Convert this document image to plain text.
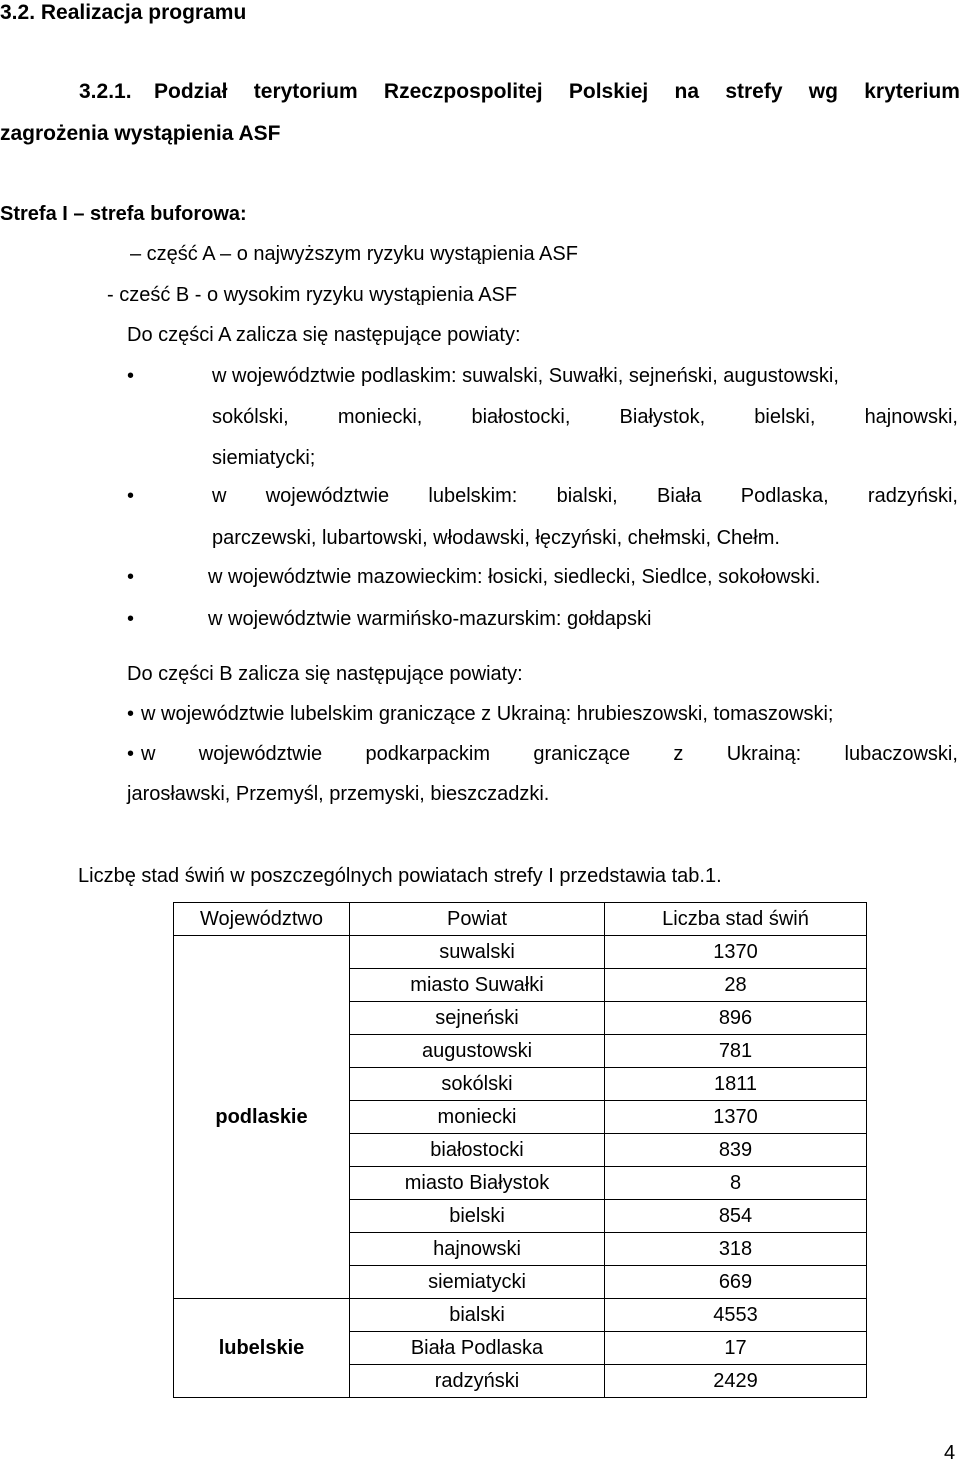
3.2. Realizacja programu
3.2.1. Podział terytorium Rzeczpospolitej Polskiej na strefy wg kryterium
zagrożenia wystąpienia ASF
Strefa I – strefa buforowa:
– część A – o najwyższym ryzyku wystąpienia ASF
- cześć B - o wysokim ryzyku wystąpienia ASF
Do części A zalicza się następujące powiaty:
•	w województwie podlaskim: suwalski, Suwałki, sejneński, augustowski,
sokólski, moniecki, białostocki, Białystok, bielski, hajnowski,
siemiatycki;
•	w województwie lubelskim: bialski, Biała Podlaska, radzyński,
parczewski, lubartowski, włodawski, łęczyński, chełmski, Chełm.
•	w województwie mazowieckim: łosicki, siedlecki, Siedlce, sokołowski.
•	w województwie warmińsko-mazurskim: gołdapski
Do części B zalicza się następujące powiaty:
• w województwie lubelskim graniczące z Ukrainą: hrubieszowski, tomaszowski;
• w województwie podkarpackim graniczące z Ukrainą: lubaczowski,
jarosławski, Przemyśl, przemyski, bieszczadzki.
Liczbę stad świń w poszczególnych powiatach strefy I przedstawia tab.1.
Województwo	Powiat	Liczba stad świń
podlaskie	suwalski	1370
	miasto Suwałki	28
	sejneński	896
	augustowski	781
	sokólski	1811
	moniecki	1370
	białostocki	839
	miasto Białystok	8
	bielski	854
	hajnowski	318
	siemiatycki	669
lubelskie	bialski	4553
	Biała Podlaska	17
	radzyński	2429
4
